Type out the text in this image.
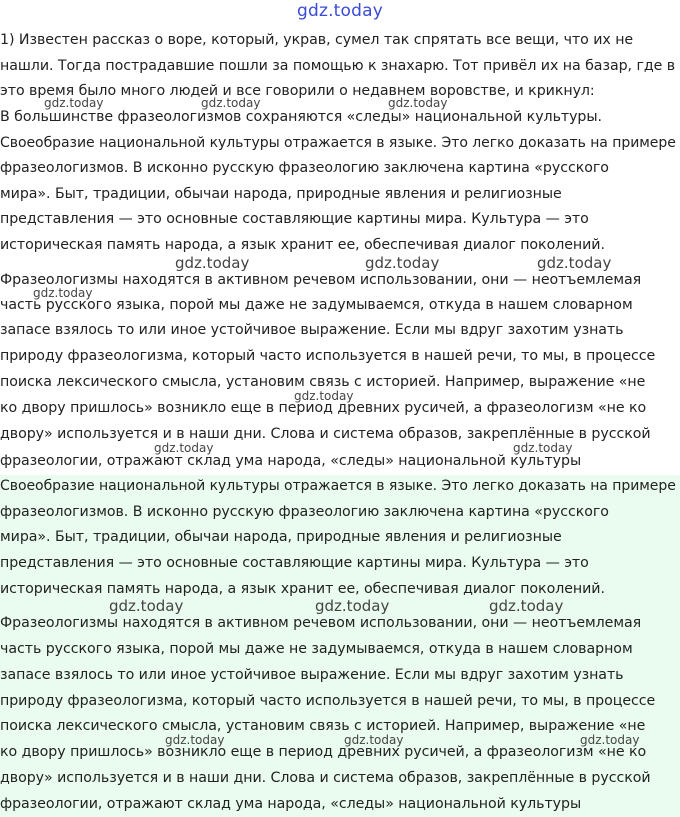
gdz.today

1) Известен рассказ о воре, который, украв, сумел так спрятать все вещи, что их не

нашли. Тогда пострадавшие пошли за помощью к знахарю. Тот привёл их на базар, где в

это время было много людей и все говорили о недавнем воровстве, и крикнул:

В большинстве фразеологизмов сохраняются «следы» национальной культуры.

Своеобразие национальной культуры отражается в языке. Это легко доказать на примере

фразеологизмов. В исконно русскую фразеологию заключена картина «русского

мира». Быт, традиции, обычаи народа, природные явления и религиозные

представления — это основные составляющие картины мира. Культура — это

историческая память народа, а язык хранит ее, обеспечивая диалог поколений.

Фразеологизмы находятся в активном речевом использовании, они — неотъемлемая

часть русского языка, порой мы даже не задумываемся, откуда в нашем словарном

запасе взялось то или иное устойчивое выражение. Если мы вдруг захотим узнать

природу фразеологизма, который часто используется в нашей речи, то мы, в процессе

поиска лексического смысла, установим связь с историей. Например, выражение «не

ко двору пришлось» возникло еще в период древних русичей, а фразеологизм «не ко

двору» используется и в наши дни. Слова и система образов, закреплённые в русской

фразеологии, отражают склад ума народа, «следы» национальной культуры

Своеобразие национальной культуры отражается в языке. Это легко доказать на примере

фразеологизмов. В исконно русскую фразеологию заключена картина «русского

мира». Быт, традиции, обычаи народа, природные явления и религиозные

представления — это основные составляющие картины мира. Культура — это

историческая память народа, а язык хранит ее, обеспечивая диалог поколений.

Фразеологизмы находятся в активном речевом использовании, они — неотъемлемая

часть русского языка, порой мы даже не задумываемся, откуда в нашем словарном

запасе взялось то или иное устойчивое выражение. Если мы вдруг захотим узнать

природу фразеологизма, который часто используется в нашей речи, то мы, в процессе

поиска лексического смысла, установим связь с историей. Например, выражение «не

ко двору пришлось» возникло еще в период древних русичей, а фразеологизм «не ко

двору» используется и в наши дни. Слова и система образов, закреплённые в русской

фразеологии, отражают склад ума народа, «следы» национальной культуры

gdz.today	gdz.today	gdz.today
gdz.today	gdz.today	gdz.today
gdz.today
gdz.today
gdz.today	gdz.today
gdz.today	gdz.today	gdz.today
gdz.today	gdz.today	gdz.today
